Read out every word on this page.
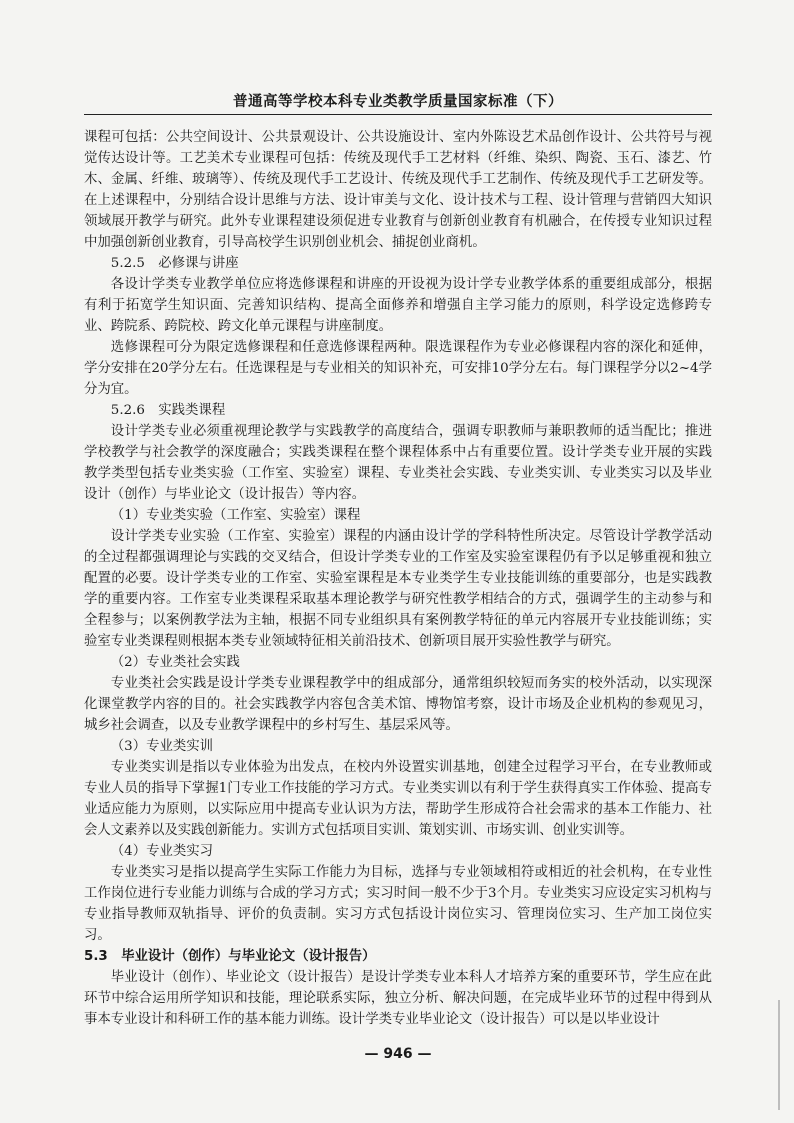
普通高等学校本科专业类教学质量国家标准（下）

课程可包括：公共空间设计、公共景观设计、公共设施设计、室内外陈设艺术品创作设计、公共符号与视觉传达设计等。工艺美术专业课程可包括：传统及现代手工艺材料（纤维、染织、陶瓷、玉石、漆艺、竹木、金属、纤维、玻璃等）、传统及现代手工艺设计、传统及现代手工艺制作、传统及现代手工艺研发等。在上述课程中，分别结合设计思维与方法、设计审美与文化、设计技术与工程、设计管理与营销四大知识领域展开教学与研究。此外专业课程建设须促进专业教育与创新创业教育有机融合，在传授专业知识过程中加强创新创业教育，引导高校学生识别创业机会、捕捉创业商机。

5.2.5　必修课与讲座

各设计学类专业教学单位应将选修课程和讲座的开设视为设计学专业教学体系的重要组成部分，根据有利于拓宽学生知识面、完善知识结构、提高全面修养和增强自主学习能力的原则，科学设定选修跨专业、跨院系、跨院校、跨文化单元课程与讲座制度。

选修课程可分为限定选修课程和任意选修课程两种。限选课程作为专业必修课程内容的深化和延伸，学分安排在20学分左右。任选课程是与专业相关的知识补充，可安排10学分左右。每门课程学分以2~4学分为宜。

5.2.6　实践类课程

设计学类专业必须重视理论教学与实践教学的高度结合，强调专职教师与兼职教师的适当配比；推进学校教学与社会教学的深度融合；实践类课程在整个课程体系中占有重要位置。设计学类专业开展的实践教学类型包括专业类实验（工作室、实验室）课程、专业类社会实践、专业类实训、专业类实习以及毕业设计（创作）与毕业论文（设计报告）等内容。

（1）专业类实验（工作室、实验室）课程

设计学类专业实验（工作室、实验室）课程的内涵由设计学的学科特性所决定。尽管设计学教学活动的全过程都强调理论与实践的交叉结合，但设计学类专业的工作室及实验室课程仍有予以足够重视和独立配置的必要。设计学类专业的工作室、实验室课程是本专业类学生专业技能训练的重要部分，也是实践教学的重要内容。工作室专业类课程采取基本理论教学与研究性教学相结合的方式，强调学生的主动参与和全程参与；以案例教学法为主轴，根据不同专业组织具有案例教学特征的单元内容展开专业技能训练；实验室专业类课程则根据本类专业领域特征相关前沿技术、创新项目展开实验性教学与研究。

（2）专业类社会实践

专业类社会实践是设计学类专业课程教学中的组成部分，通常组织较短而务实的校外活动，以实现深化课堂教学内容的目的。社会实践教学内容包含美术馆、博物馆考察，设计市场及企业机构的参观见习，城乡社会调查，以及专业教学课程中的乡村写生、基层采风等。

（3）专业类实训

专业类实训是指以专业体验为出发点，在校内外设置实训基地，创建全过程学习平台，在专业教师或专业人员的指导下掌握1门专业工作技能的学习方式。专业类实训以有利于学生获得真实工作体验、提高专业适应能力为原则，以实际应用中提高专业认识为方法，帮助学生形成符合社会需求的基本工作能力、社会人文素养以及实践创新能力。实训方式包括项目实训、策划实训、市场实训、创业实训等。

（4）专业类实习

专业类实习是指以提高学生实际工作能力为目标，选择与专业领域相符或相近的社会机构，在专业性工作岗位进行专业能力训练与合成的学习方式；实习时间一般不少于3个月。专业类实习应设定实习机构与专业指导教师双轨指导、评价的负责制。实习方式包括设计岗位实习、管理岗位实习、生产加工岗位实习。

5.3　毕业设计（创作）与毕业论文（设计报告）

毕业设计（创作）、毕业论文（设计报告）是设计学类专业本科人才培养方案的重要环节，学生应在此环节中综合运用所学知识和技能，理论联系实际，独立分析、解决问题，在完成毕业环节的过程中得到从事本专业设计和科研工作的基本能力训练。设计学类专业毕业论文（设计报告）可以是以毕业设计

— 946 —
